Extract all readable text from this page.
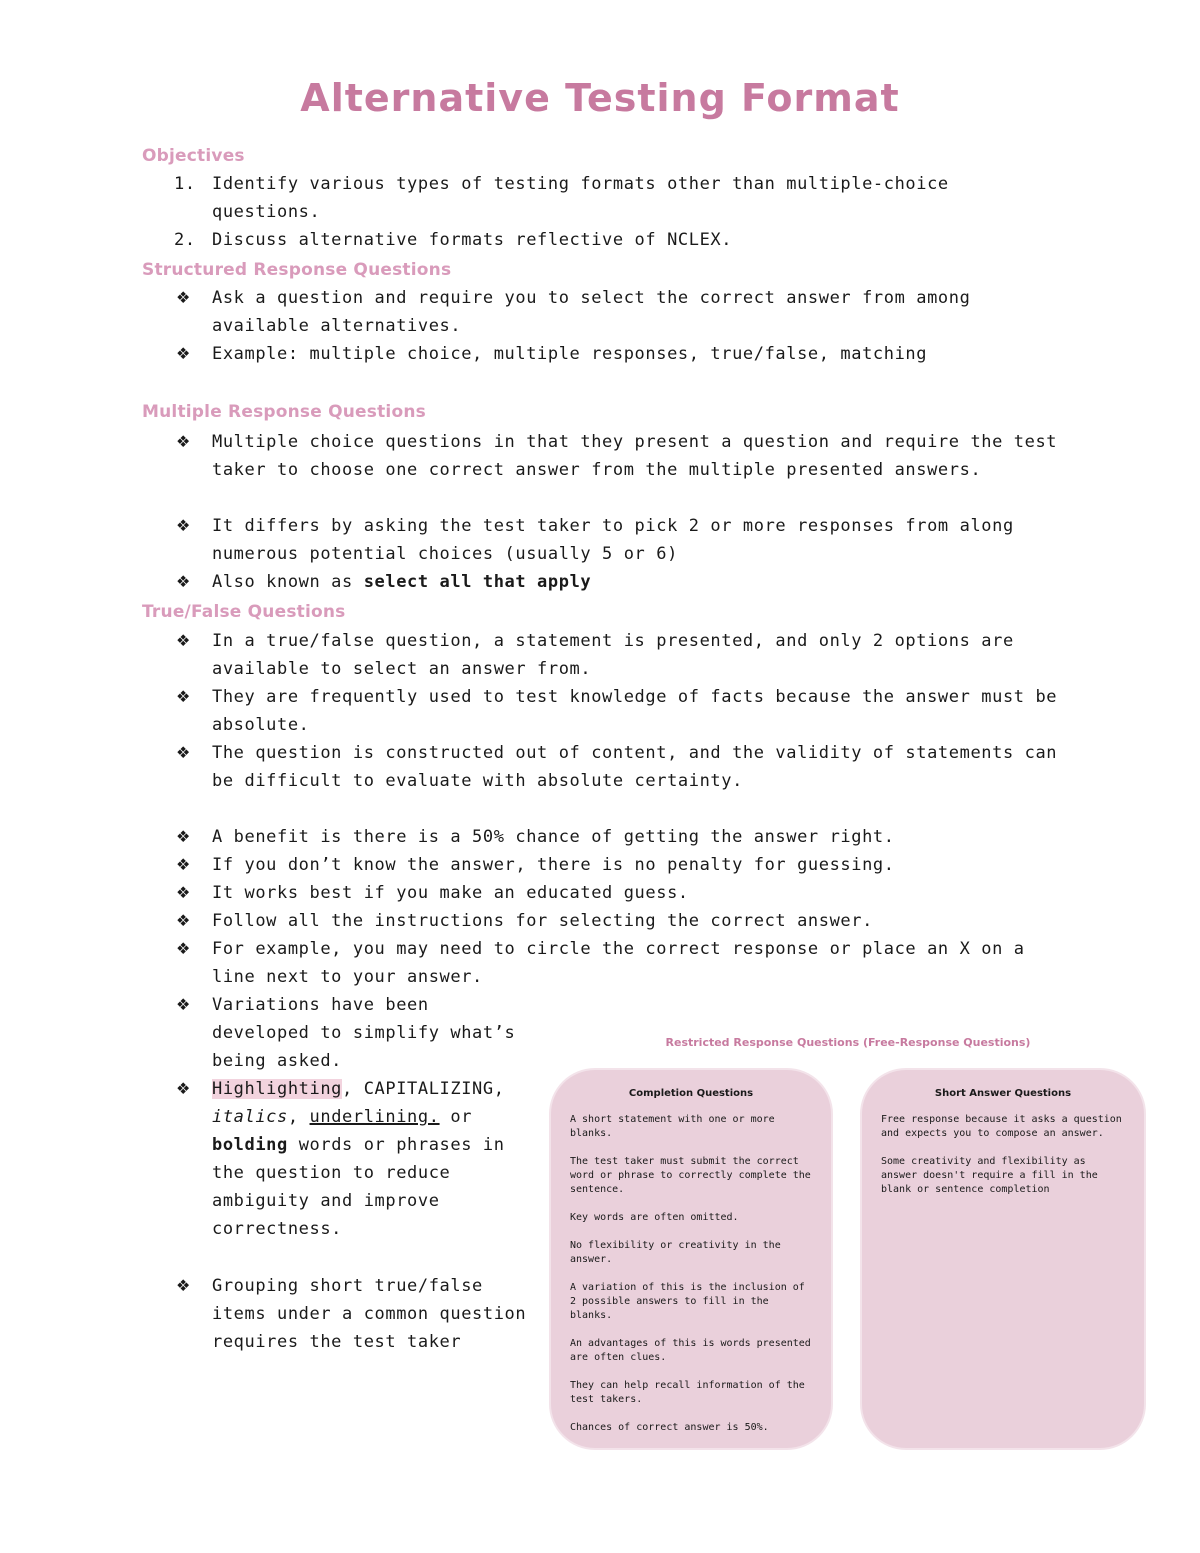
Alternative Testing Format
Objectives
1. Identify various types of testing formats other than multiple-choice questions.
2. Discuss alternative formats reflective of NCLEX.
Structured Response Questions
❖ Ask a question and require you to select the correct answer from among available alternatives.
❖ Example: multiple choice, multiple responses, true/false, matching
Multiple Response Questions
❖ Multiple choice questions in that they present a question and require the test taker to choose one correct answer from the multiple presented answers.
❖ It differs by asking the test taker to pick 2 or more responses from along numerous potential choices (usually 5 or 6)
❖ Also known as select all that apply
True/False Questions
❖ In a true/false question, a statement is presented, and only 2 options are available to select an answer from.
❖ They are frequently used to test knowledge of facts because the answer must be absolute.
❖ The question is constructed out of content, and the validity of statements can be difficult to evaluate with absolute certainty.
❖ A benefit is there is a 50% chance of getting the answer right.
❖ If you don’t know the answer, there is no penalty for guessing.
❖ It works best if you make an educated guess.
❖ Follow all the instructions for selecting the correct answer.
❖ For example, you may need to circle the correct response or place an X on a line next to your answer.
❖ Variations have been developed to simplify what’s being asked.
❖ Highlighting, CAPITALIZING, italics, underlining. or bolding words or phrases in the question to reduce ambiguity and improve correctness.
❖ Grouping short true/false items under a common question requires the test taker
Restricted Response Questions (Free-Response Questions)
Completion Questions

A short statement with one or more blanks.

The test taker must submit the correct word or phrase to correctly complete the sentence.

Key words are often omitted.

No flexibility or creativity in the answer.

A variation of this is the inclusion of 2 possible answers to fill in the blanks.

An advantages of this is words presented are often clues.

They can help recall information of the test takers.

Chances of correct answer is 50%.

Short Answer Questions

Free response because it asks a question and expects you to compose an answer.

Some creativity and flexibility as answer doesn't require a fill in the blank or sentence completion
